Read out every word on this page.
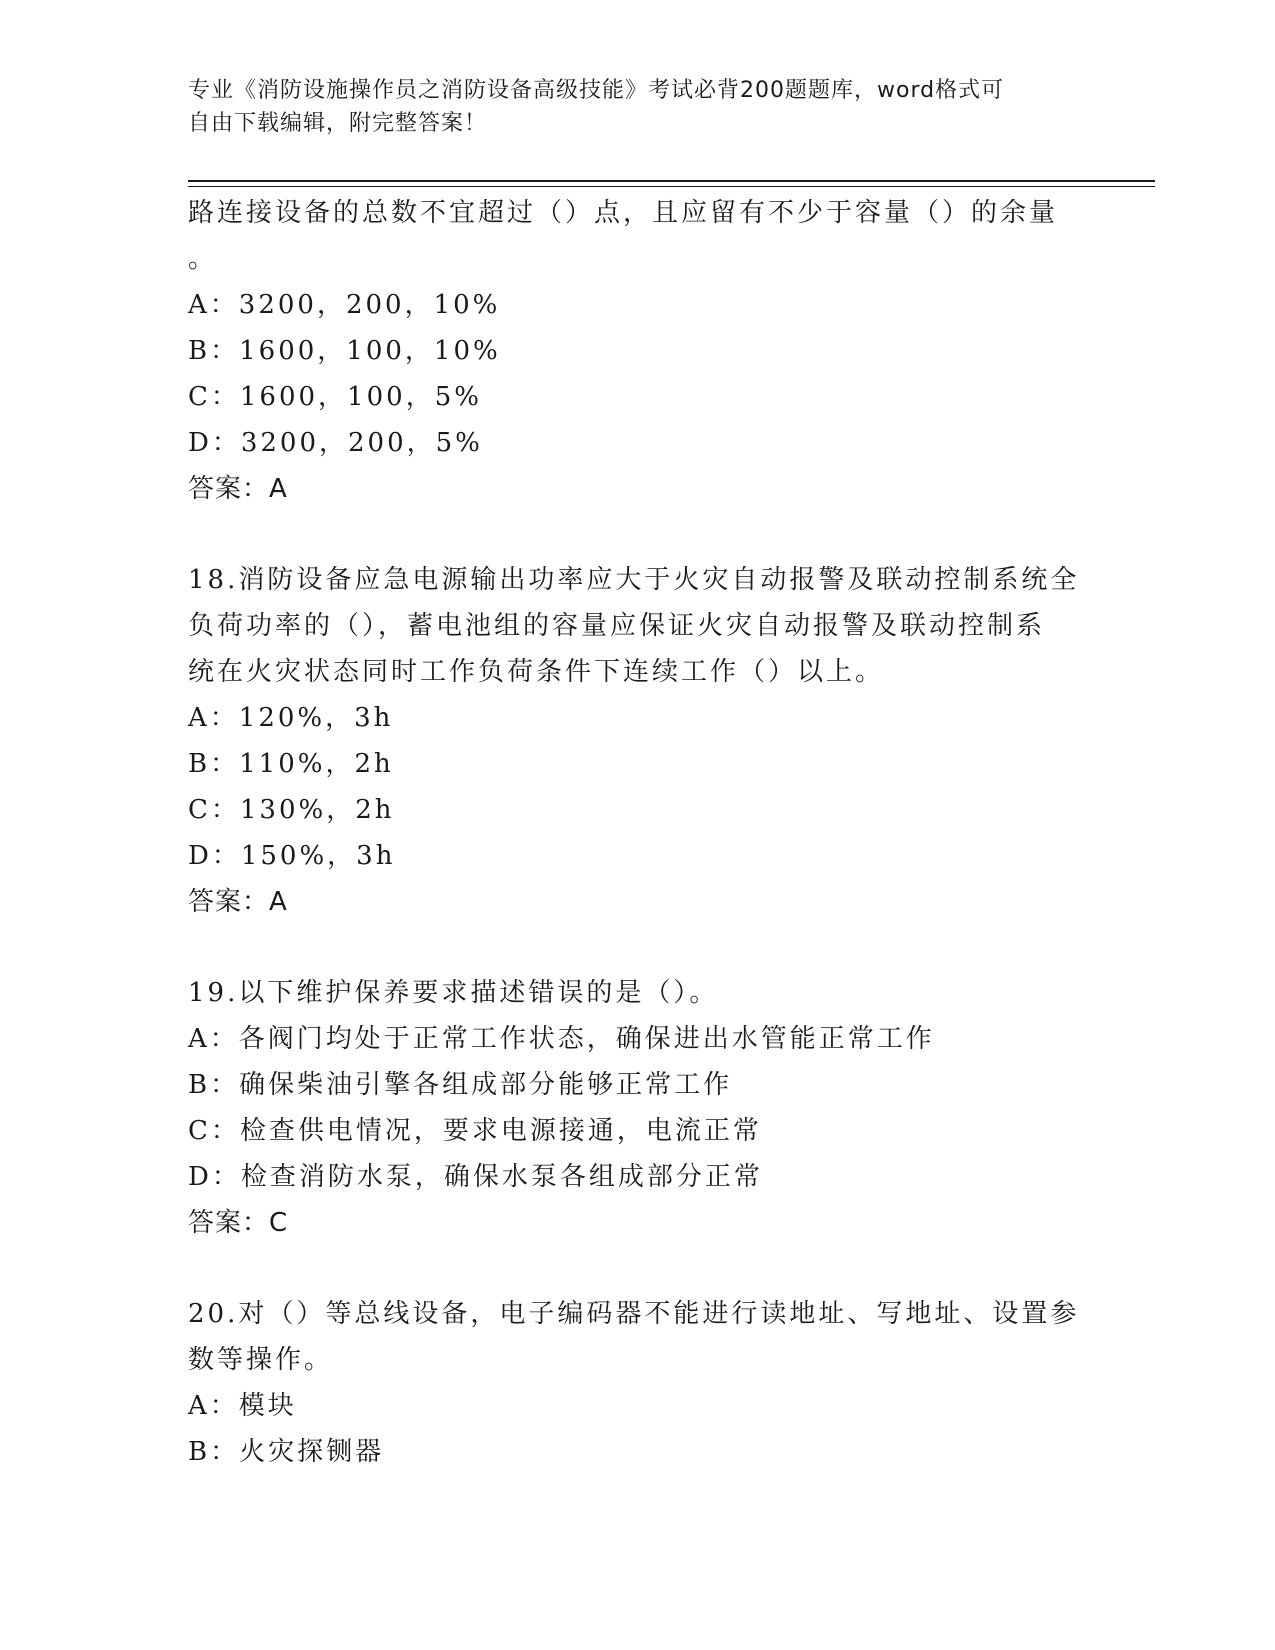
专业《消防设施操作员之消防设备高级技能》考试必背200题题库，word格式可
自由下载编辑，附完整答案！
路连接设备的总数不宜超过（）点，且应留有不少于容量（）的余量
。
A：3200，200，10%
B：1600，100，10%
C：1600，100，5%
D：3200，200，5%
答案：A
18.消防设备应急电源输出功率应大于火灾自动报警及联动控制系统全
负荷功率的（），蓄电池组的容量应保证火灾自动报警及联动控制系
统在火灾状态同时工作负荷条件下连续工作（）以上。
A：120%，3h
B：110%，2h
C：130%，2h
D：150%，3h
答案：A
19.以下维护保养要求描述错误的是（）。
A：各阀门均处于正常工作状态，确保进出水管能正常工作
B：确保柴油引擎各组成部分能够正常工作
C：检查供电情况，要求电源接通，电流正常
D：检查消防水泵，确保水泵各组成部分正常
答案：C
20.对（）等总线设备，电子编码器不能进行读地址、写地址、设置参
数等操作。
A：模块
B：火灾探铡器
